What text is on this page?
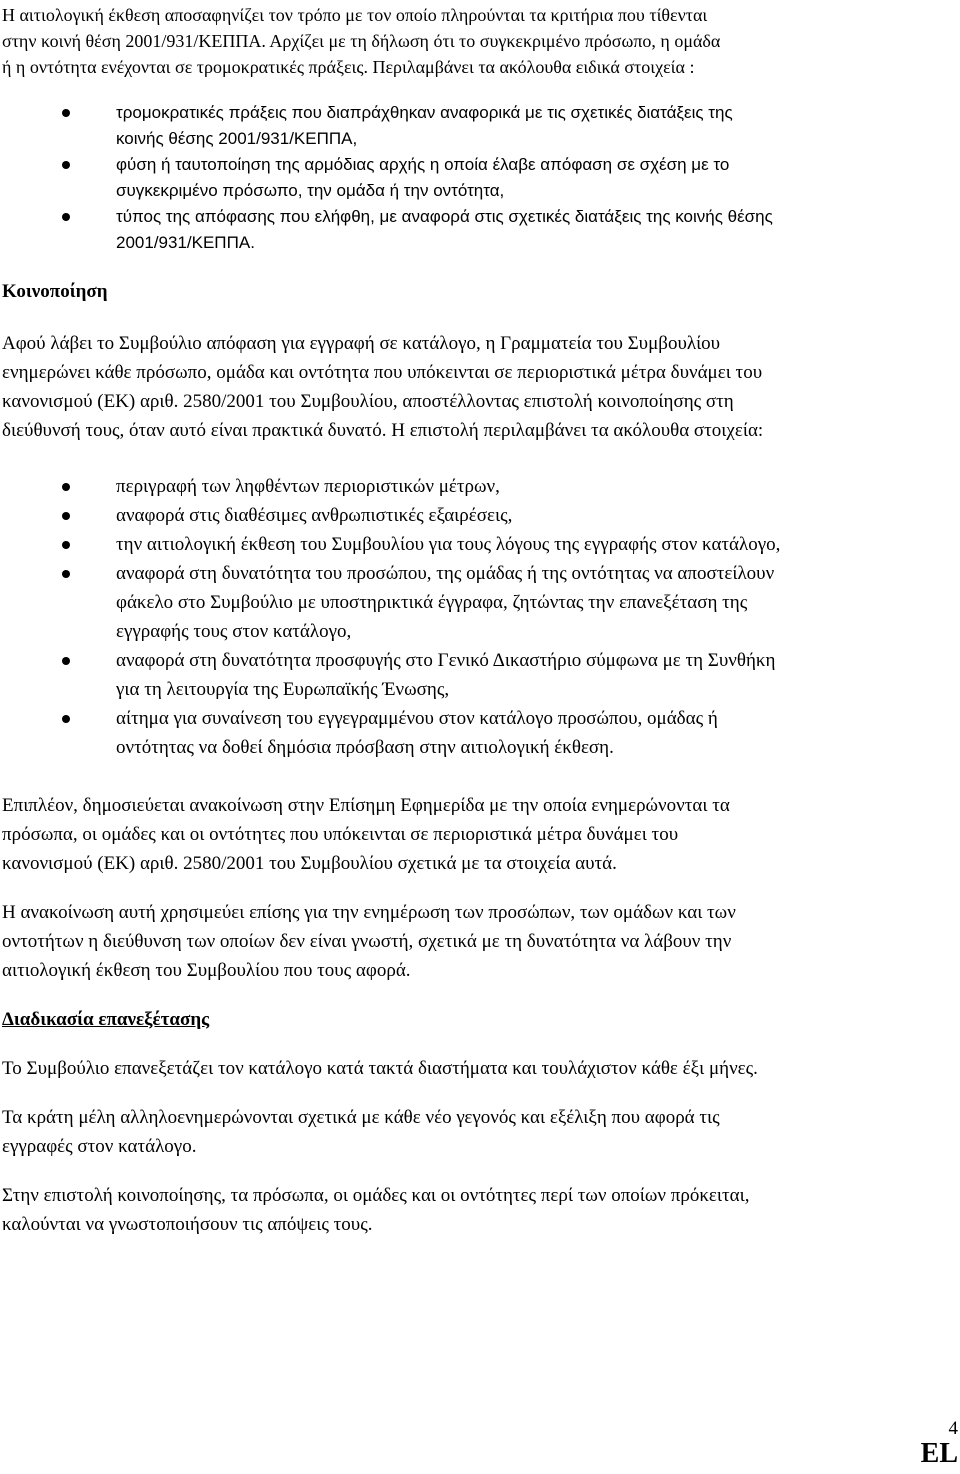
Η αιτιολογική έκθεση αποσαφηνίζει τον τρόπο με τον οποίο πληρούνται τα κριτήρια που τίθενται
στην κοινή θέση 2001/931/ΚΕΠΠΑ. Αρχίζει με τη δήλωση ότι το συγκεκριμένο πρόσωπο, η ομάδα
ή η οντότητα ενέχονται σε τρομοκρατικές πράξεις. Περιλαμβάνει τα ακόλουθα ειδικά στοιχεία :
τρομοκρατικές πράξεις που διαπράχθηκαν αναφορικά με τις σχετικές διατάξεις της
κοινής θέσης 2001/931/ΚΕΠΠΑ,
φύση ή ταυτοποίηση της αρμόδιας αρχής η οποία έλαβε απόφαση σε σχέση με το
συγκεκριμένο πρόσωπο, την ομάδα ή την οντότητα,
τύπος της απόφασης που ελήφθη, με αναφορά στις σχετικές διατάξεις της κοινής θέσης
2001/931/ΚΕΠΠΑ.
Κοινοποίηση
Αφού λάβει το Συμβούλιο απόφαση για εγγραφή σε κατάλογο, η Γραμματεία του Συμβουλίου
ενημερώνει κάθε πρόσωπο, ομάδα και οντότητα που υπόκεινται σε περιοριστικά μέτρα δυνάμει του
κανονισμού (ΕΚ) αριθ. 2580/2001 του Συμβουλίου, αποστέλλοντας επιστολή κοινοποίησης στη
διεύθυνσή τους, όταν αυτό είναι πρακτικά δυνατό. Η επιστολή περιλαμβάνει τα ακόλουθα στοιχεία:
περιγραφή των ληφθέντων περιοριστικών μέτρων,
αναφορά στις διαθέσιμες ανθρωπιστικές εξαιρέσεις,
την αιτιολογική έκθεση του Συμβουλίου για τους λόγους της εγγραφής στον κατάλογο,
αναφορά στη δυνατότητα του προσώπου, της ομάδας ή της οντότητας να αποστείλουν
φάκελο στο Συμβούλιο με υποστηρικτικά έγγραφα, ζητώντας την επανεξέταση της
εγγραφής τους στον κατάλογο,
αναφορά στη δυνατότητα προσφυγής στο Γενικό Δικαστήριο σύμφωνα με τη Συνθήκη
για τη λειτουργία της Ευρωπαϊκής Ένωσης,
αίτημα για συναίνεση του εγγεγραμμένου στον κατάλογο προσώπου, ομάδας ή
οντότητας να δοθεί δημόσια πρόσβαση στην αιτιολογική έκθεση.
Επιπλέον, δημοσιεύεται ανακοίνωση στην Επίσημη Εφημερίδα με την οποία ενημερώνονται τα
πρόσωπα, οι ομάδες και οι οντότητες που υπόκεινται σε περιοριστικά μέτρα δυνάμει του
κανονισμού (ΕΚ) αριθ. 2580/2001 του Συμβουλίου σχετικά με τα στοιχεία αυτά.
Η ανακοίνωση αυτή χρησιμεύει επίσης για την ενημέρωση των προσώπων, των ομάδων και των
οντοτήτων η διεύθυνση των οποίων δεν είναι γνωστή, σχετικά με τη δυνατότητα να λάβουν την
αιτιολογική έκθεση του Συμβουλίου που τους αφορά.
Διαδικασία επανεξέτασης
Το Συμβούλιο επανεξετάζει τον κατάλογο κατά τακτά διαστήματα και τουλάχιστον κάθε έξι μήνες.
Τα κράτη μέλη αλληλοενημερώνονται σχετικά με κάθε νέο γεγονός και εξέλιξη που αφορά τις
εγγραφές στον κατάλογο.
Στην επιστολή κοινοποίησης, τα πρόσωπα, οι ομάδες και οι οντότητες περί των οποίων πρόκειται,
καλούνται να γνωστοποιήσουν τις απόψεις τους.
4
EL
